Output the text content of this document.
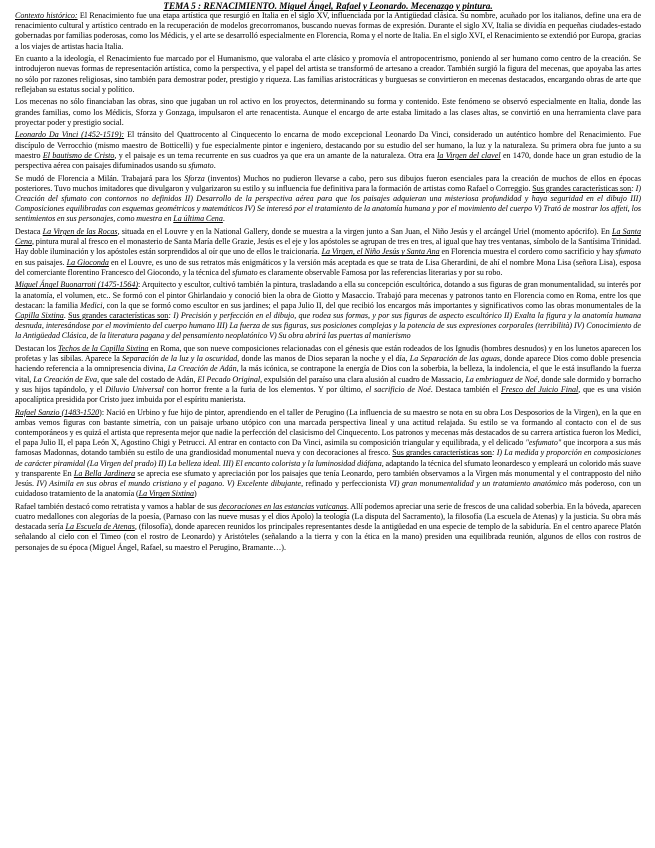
TEMA 5 : RENACIMIENTO. Miguel Ángel, Rafael y Leonardo. Mecenazgo y pintura.

Contexto histórico: El Renacimiento fue una etapa artística que resurgió en Italia en el siglo XV, influenciada por la Antigüedad clásica. Su nombre, acuñado por los italianos, define una era de renacimiento cultural y artístico centrado en la recuperación de modelos grecorromanos, buscando nuevas formas de expresión. Durante el siglo XV, Italia se dividía en pequeñas ciudades-estado gobernadas por familias poderosas, como los Médicis, y el arte se desarrolló especialmente en Florencia, Roma y el norte de Italia. En el siglo XVI, el Renacimiento se extendió por Europa, gracias a los viajes de artistas hacia Italia.

En cuanto a la ideología, el Renacimiento fue marcado por el Humanismo, que valoraba el arte clásico y promovía el antropocentrismo, poniendo al ser humano como centro de la creación. Se introdujeron nuevas formas de representación artística, como la perspectiva, y el papel del artista se transformó de artesano a creador. También surgió la figura del mecenas, que apoyaba las artes no sólo por razones religiosas, sino también para demostrar poder, prestigio y riqueza. Las familias aristocráticas y burguesas se convirtieron en mecenas destacados, encargando obras de arte que reflejaban su estatus social y político.

Los mecenas no sólo financiaban las obras, sino que jugaban un rol activo en los proyectos, determinando su forma y contenido. Este fenómeno se observó especialmente en Italia, donde las grandes familias, como los Médicis, Sforza y Gonzaga, impulsaron el arte renacentista. Aunque el encargo de arte estaba limitado a las clases altas, se convirtió en una herramienta clave para proyectar poder y prestigio social.

Leonardo Da Vinci (1452-1519): El tránsito del Quattrocento al Cinquecento lo encarna de modo excepcional Leonardo Da Vinci, considerado un auténtico hombre del Renacimiento. Fue discípulo de Verrocchio (mismo maestro de Botticelli) y fue especialmente pintor e ingeniero, destacando por su estudio del ser humano, la luz y la naturaleza. Su primera obra fue junto a su maestro El bautismo de Cristo, y el paisaje es un tema recurrente en sus cuadros ya que era un amante de la naturaleza. Otra era la Virgen del clavel en 1470, donde hace un gran estudio de la perspectiva aérea con paisajes difuminados usando su sfumato.

Se mudó de Florencia a Milán. Trabajará para los Sforza (inventos) Muchos no pudieron llevarse a cabo, pero sus dibujos fueron esenciales para la creación de muchos de ellos en épocas posteriores. Tuvo muchos imitadores que divulgaron y vulgarizaron su estilo y su influencia fue definitiva para la formación de artistas como Rafael o Correggio. Sus grandes características son: I) Creación del sfumato con contornos no definidos II) Desarrollo de la perspectiva aérea para que los paisajes adquieran una misteriosa profundidad y haya seguridad en el dibujo III) Composiciones equilibradas con esquemas geométricos y matemáticos IV) Se interesó por el tratamiento de la anatomía humana y por el movimiento del cuerpo V) Trató de mostrar los affeti, los sentimientos en sus personajes, como muestra en La última Cena.

Destaca La Virgen de las Rocas, situada en el Louvre y en la National Gallery, donde se muestra a la virgen junto a San Juan, el Niño Jesús y el arcángel Uriel (momento apócrifo). En La Santa Cena, pintura mural al fresco en el monasterio de Santa María delle Grazie, Jesús es el eje y los apóstoles se agrupan de tres en tres, al igual que hay tres ventanas, símbolo de la Santísima Trinidad. Hay doble iluminación y los apóstoles están sorprendidos al oír que uno de ellos le traicionaría. La Virgen, el Niño Jesús y Santa Ana en Florencia muestra el cordero como sacrificio y hay sfumato en sus paisajes. La Gioconda en el Louvre, es uno de sus retratos más enigmáticos y la versión más aceptada es que se trata de Lisa Gherardini, de ahí el nombre Mona Lisa (señora Lisa), esposa del comerciante florentino Francesco del Giocondo, y la técnica del sfumato es claramente observable Famosa por las referencias literarias y por su robo.

Miguel Ángel Buonarroti (1475-1564): Arquitecto y escultor, cultivó también la pintura, trasladando a ella su concepción escultórica, dotando a sus figuras de gran monumentalidad, su interés por la anatomía, el volumen, etc.. Se formó con el pintor Ghirlandaio y conoció bien la obra de Giotto y Masaccio. Trabajó para mecenas y patronos tanto en Florencia como en Roma, entre los que destacan: la familia Medici, con la que se formó como escultor en sus jardines; el papa Julio II, del que recibió los encargos más importantes y significativos como las obras monumentales de la Capilla Sixtina. Sus grandes características son: I) Precisión y perfección en el dibujo, que rodea sus formas, y por sus figuras de aspecto escultórico II) Exalta la figura y la anatomía humana desnuda, interesándose por el movimiento del cuerpo humano III) La fuerza de sus figuras, sus posiciones complejas y la potencia de sus expresiones corporales (terribilità) IV) Conocimiento de la Antigüedad Clásica, de la literatura pagana y del pensamiento neoplatónico V) Su obra abrirá las puertas al manierismo

Destacan los Techos de la Capilla Sixtina en Roma, que son nueve composiciones relacionadas con el génesis que están rodeados de los Ignudis (hombres desnudos) y en los lunetos aparecen los profetas y las sibilas. Aparece la Separación de la luz y la oscuridad, donde las manos de Dios separan la noche y el día, La Separación de las aguas, donde aparece Dios como doble presencia haciendo referencia a la omnipresencia divina, La Creación de Adán, la más icónica, se contrapone la energía de Dios con la soberbia, la belleza, la indolencia, el que le está insuflando la fuerza vital, La Creación de Eva, que sale del costado de Adán, El Pecado Original, expulsión del paraíso una clara alusión al cuadro de Massacio, La embriaguez de Noé, donde sale dormido y borracho y sus hijos tapándolo, y el Diluvio Universal con horror frente a la furia de los elementos. Y por último, el sacrificio de Noé. Destaca también el Fresco del Juicio Final, que es una visión apocalíptica presidida por Cristo juez imbuida por el espíritu manierista.

Rafael Sanzio (1483-1520): Nació en Urbino y fue hijo de pintor, aprendiendo en el taller de Perugino (La influencia de su maestro se nota en su obra Los Desposorios de la Virgen), en la que en ambas vemos figuras con bastante simetría, con un paisaje urbano utópico con una marcada perspectiva lineal y una actitud relajada. Su estilo se va formando al contacto con el de sus contemporáneos y es quizá el artista que representa mejor que nadie la perfección del clasicismo del Cinquecento. Los patronos y mecenas más destacados de su carrera artística fueron los Medici, el papa Julio II, el papa León X, Agostino Chigi y Petrucci. Al entrar en contacto con Da Vinci, asimila su composición triangular y equilibrada, y el delicado "esfumato" que incorpora a sus más famosas Madonnas, dotando también su estilo de una grandiosidad monumental nueva y con decoraciones al fresco. Sus grandes características son: I) La medida y proporción en composiciones de carácter piramidal (La Virgen del prado) II) La belleza ideal. III) El encanto colorista y la luminosidad diáfana, adaptando la técnica del sfumato leonardesco y empleará un colorido más suave y transparente En La Bella Jardinera se aprecia ese sfumato y apreciación por los paisajes que tenía Leonardo, pero también observamos a la Virgen más monumental y el contrapposto del niño Jesús. IV) Asimila en sus obras el mundo cristiano y el pagano. V) Excelente dibujante, refinado y perfeccionista VI) gran monumentalidad y un tratamiento anatómico más poderoso, con un cuidadoso tratamiento de la anatomía (La Virgen Sixtina)

Rafael también destacó como retratista y vamos a hablar de sus decoraciones en las estancias vaticanas. Allí podemos apreciar una serie de frescos de una calidad soberbia. En la bóveda, aparecen cuatro medallones con alegorías de la poesía, (Parnaso con las nueve musas y el dios Apolo) la teología (La disputa del Sacramento), la filosofía (La escuela de Atenas) y la justicia. Su obra más destacada sería La Escuela de Atenas, (filosofía), donde aparecen reunidos los principales representantes desde la antigüedad en una especie de templo de la sabiduría. En el centro aparece Platón señalando al cielo con el Timeo (con el rostro de Leonardo) y Aristóteles (señalando a la tierra y con la ética en la mano) presiden una equilibrada reunión, algunos de ellos con rostros de personajes de su época (Miguel Ángel, Rafael, su maestro el Perugino, Bramante…).
